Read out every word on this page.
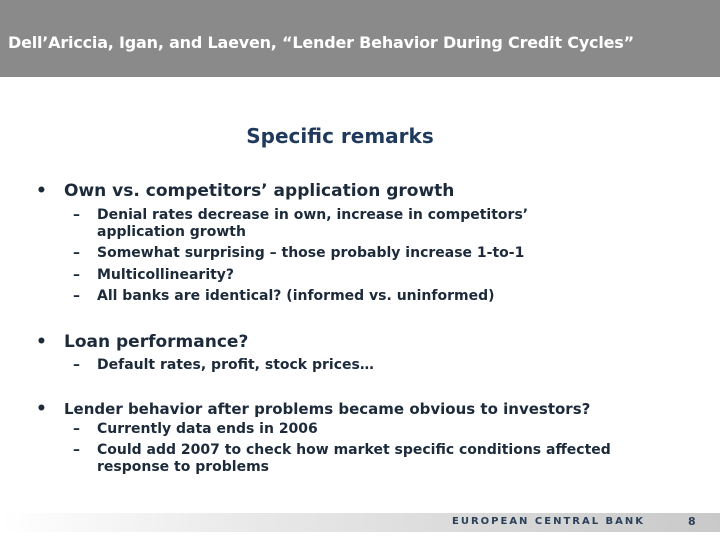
Dell’Ariccia, Igan, and Laeven, “Lender Behavior During Credit Cycles”
Specific remarks
• Own vs. competitors’ application growth
– Denial rates decrease in own, increase in competitors’ application growth
– Somewhat surprising – those probably increase 1-to-1
– Multicollinearity?
– All banks are identical? (informed vs. uninformed)
• Loan performance?
– Default rates, profit, stock prices…
• Lender behavior after problems became obvious to investors?
– Currently data ends in 2006
– Could add 2007 to check how market specific conditions affected response to problems
EUROPEAN CENTRAL BANK	8
